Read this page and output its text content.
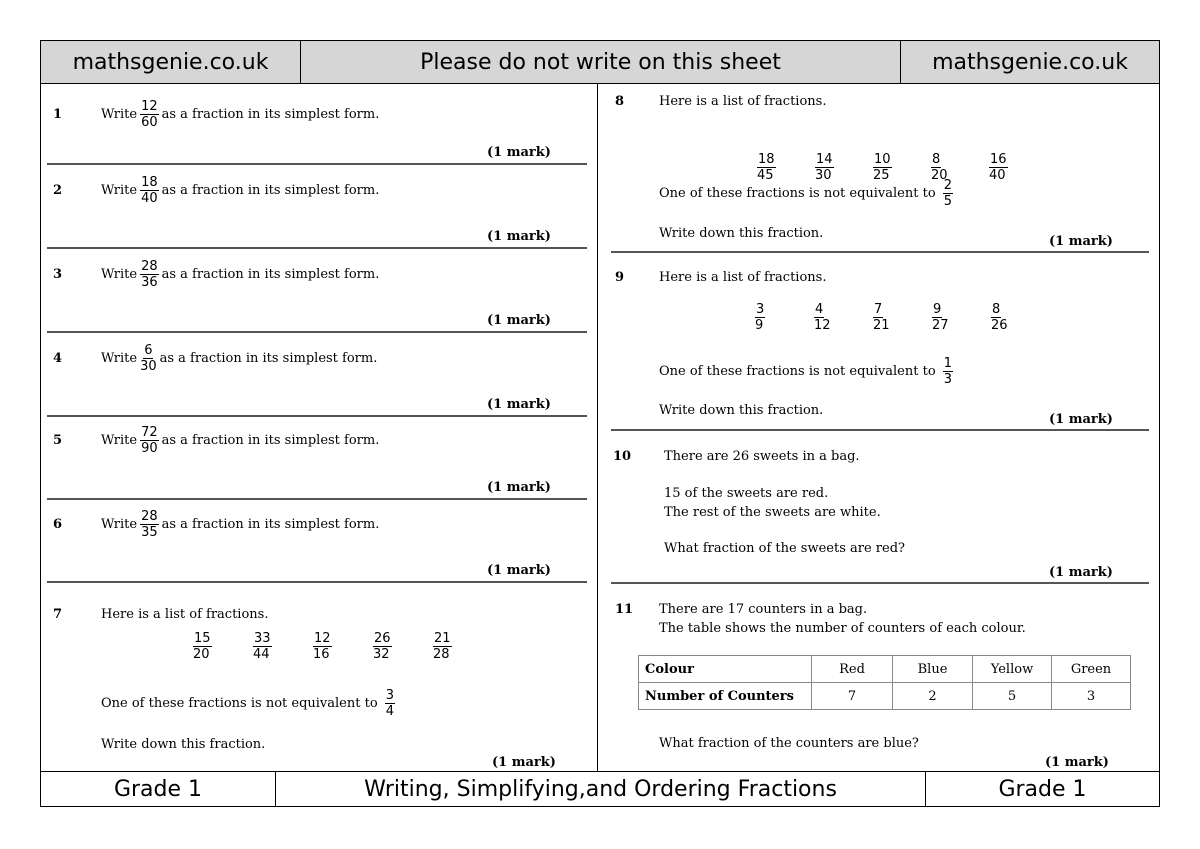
mathsgenie.co.uk	Please do not write on this sheet	mathsgenie.co.uk
1	Write $\frac{12}{60}$ as a fraction in its simplest form.
(1 mark)
2	Write $\frac{18}{40}$ as a fraction in its simplest form.
(1 mark)
3	Write $\frac{28}{36}$ as a fraction in its simplest form.
(1 mark)
4	Write $\frac{6}{30}$ as a fraction in its simplest form.
(1 mark)
5	Write $\frac{72}{90}$ as a fraction in its simplest form.
(1 mark)
6	Write $\frac{28}{35}$ as a fraction in its simplest form.
(1 mark)
7	Here is a list of fractions.
$\frac{15}{20} \frac{33}{44} \frac{12}{16} \frac{26}{32} \frac{21}{28}$
One of these fractions is not equivalent to $\frac{3}{4}$
Write down this fraction.
(1 mark)
8	Here is a list of fractions.
$\frac{18}{45} \frac{14}{30} \frac{10}{25} \frac{8}{20} \frac{16}{40}$
One of these fractions is not equivalent to $\frac{2}{5}$
Write down this fraction.
(1 mark)
9	Here is a list of fractions.
$\frac{3}{9} \frac{4}{12} \frac{7}{21} \frac{9}{27} \frac{8}{26}$
One of these fractions is not equivalent to $\frac{1}{3}$
Write down this fraction.
(1 mark)
10	There are 26 sweets in a bag.
15 of the sweets are red.
The rest of the sweets are white.
What fraction of the sweets are red?
(1 mark)
11 There are 17 counters in a bag.
The table shows the number of counters of each colour.
Colour	Red	Blue	Yellow	Green
Number of Counters	7	2	5	3
What fraction of the counters are blue?
(1 mark)
Grade 1	Writing, Simplifying,and Ordering Fractions	Grade 1
